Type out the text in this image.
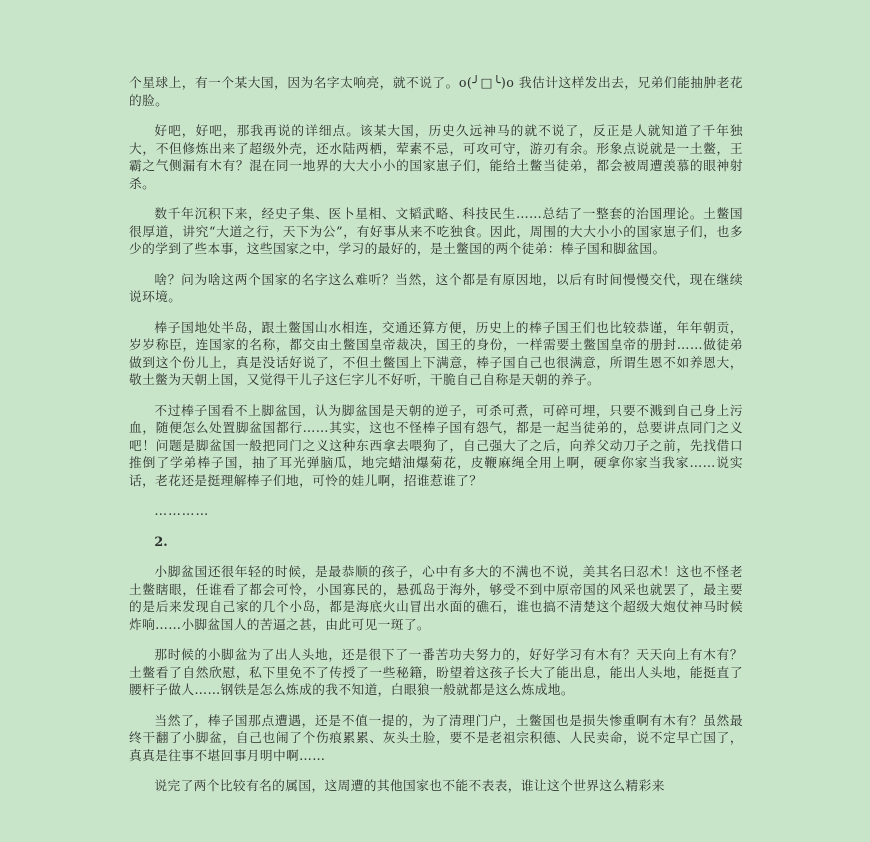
个星球上，有一个某大国，因为名字太响亮，就不说了。o(╯□╰)o 我估计这样发出去，兄弟们能抽肿老花的脸。

好吧，好吧，那我再说的详细点。该某大国，历史久远神马的就不说了，反正是人就知道了千年独大，不但修炼出来了超级外壳，还水陆两栖，荤素不忌，可攻可守，游刃有余。形象点说就是一土鳖，王霸之气侧漏有木有？混在同一地界的大大小小的国家崽子们，能给土鳖当徒弟，都会被周遭羡慕的眼神射杀。

数千年沉积下来，经史子集、医卜星相、文韬武略、科技民生……总结了一整套的治国理论。土鳖国很厚道，讲究“大道之行，天下为公”，有好事从来不吃独食。因此，周围的大大小小的国家崽子们，也多少的学到了些本事，这些国家之中，学习的最好的，是土鳖国的两个徒弟：棒子国和脚盆国。

啥？问为啥这两个国家的名字这么难听？当然，这个都是有原因地，以后有时间慢慢交代，现在继续说环境。

棒子国地处半岛，跟土鳖国山水相连，交通还算方便，历史上的棒子国王们也比较恭谨，年年朝贡，岁岁称臣，连国家的名称，都交由土鳖国皇帝裁决，国王的身份，一样需要土鳖国皇帝的册封……做徒弟做到这个份儿上，真是没话好说了，不但土鳖国上下满意，棒子国自己也很满意，所谓生恩不如养恩大，敬土鳖为天朝上国，又觉得干儿子这仨字儿不好听，干脆自己自称是天朝的养子。

不过棒子国看不上脚盆国，认为脚盆国是天朝的逆子，可杀可煮，可碎可埋，只要不溅到自己身上污血，随便怎么处置脚盆国都行……其实，这也不怪棒子国有怨气，都是一起当徒弟的，总要讲点同门之义吧！问题是脚盆国一般把同门之义这种东西拿去喂狗了，自己强大了之后，向养父动刀子之前，先找借口推倒了学弟棒子国，抽了耳光弹脑瓜，地完蜡油爆菊花，皮鞭麻绳全用上啊，硬拿你家当我家……说实话，老花还是挺理解棒子们地，可怜的娃儿啊，招谁惹谁了？

…………

2.

小脚盆国还很年轻的时候，是最恭顺的孩子，心中有多大的不满也不说，美其名曰忍术！这也不怪老土鳖瞎眼，任谁看了都会可怜，小国寡民的，悬孤岛于海外，够受不到中原帝国的风采也就罢了，最主要的是后来发现自己家的几个小岛，都是海底火山冒出水面的礁石，谁也搞不清楚这个超级大炮仗神马时候炸响……小脚盆国人的苦逼之甚，由此可见一斑了。

那时候的小脚盆为了出人头地，还是很下了一番苦功夫努力的，好好学习有木有？天天向上有木有？土鳖看了自然欣慰，私下里免不了传授了一些秘籍，盼望着这孩子长大了能出息，能出人头地，能挺直了腰杆子做人……钢铁是怎么炼成的我不知道，白眼狼一般就都是这么炼成地。

当然了，棒子国那点遭遇，还是不值一提的，为了清理门户，土鳖国也是损失惨重啊有木有？虽然最终干翻了小脚盆，自己也闹了个伤痕累累、灰头土脸，要不是老祖宗积德、人民卖命，说不定早亡国了，真真是往事不堪回事月明中啊……

说完了两个比较有名的属国，这周遭的其他国家也不能不表表，谁让这个世界这么精彩来
